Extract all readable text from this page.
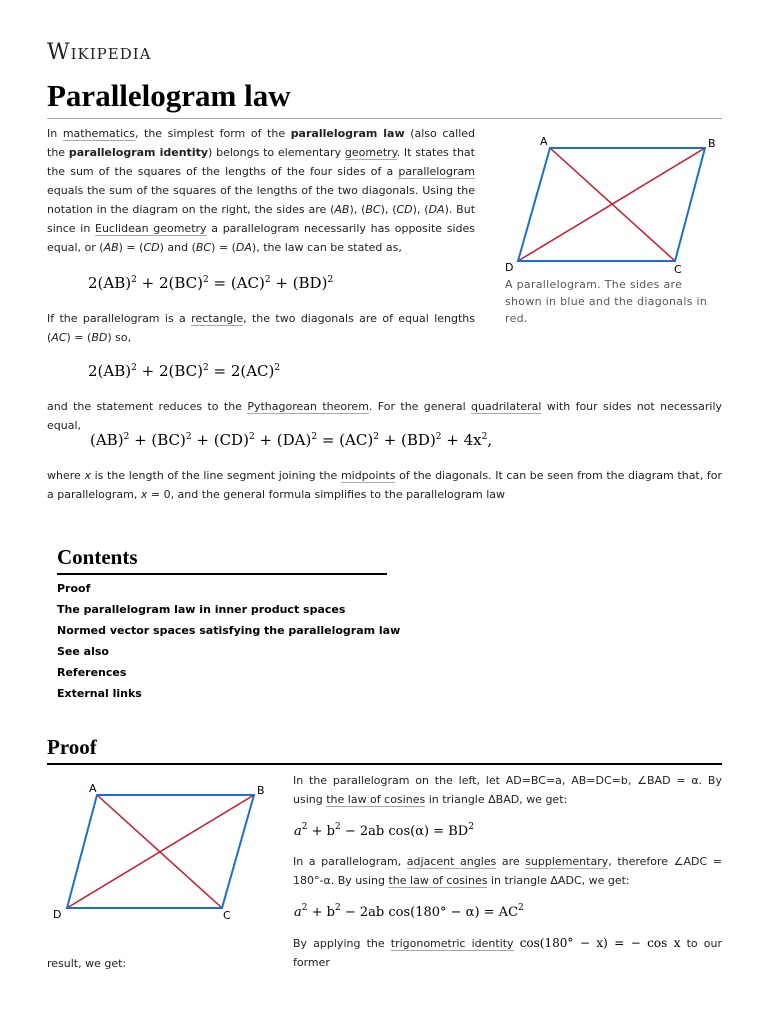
Wikipedia
Parallelogram law
In mathematics, the simplest form of the parallelogram law (also called the parallelogram identity) belongs to elementary geometry. It states that the sum of the squares of the lengths of the four sides of a parallelogram equals the sum of the squares of the lengths of the two diagonals. Using the notation in the diagram on the right, the sides are (AB), (BC), (CD), (DA). But since in Euclidean geometry a parallelogram necessarily has opposite sides equal, or (AB) = (CD) and (BC) = (DA), the law can be stated as,
2(AB)$^2$ + 2(BC)$^2$ = (AC)$^2$ + (BD)$^2$
If the parallelogram is a rectangle, the two diagonals are of equal lengths (AC) = (BD) so,
2(AB)$^2$ + 2(BC)$^2$ = 2(AC)$^2$
and the statement reduces to the Pythagorean theorem. For the general quadrilateral with four sides not necessarily equal,
$(AB)^2 + (BC)^2 + (CD)^2 + (DA)^2 = (AC)^2 + (BD)^2 + 4x^2$,
where x is the length of the line segment joining the midpoints of the diagonals. It can be seen from the diagram that, for a parallelogram, x = 0, and the general formula simplifies to the parallelogram law
A	B
D	C
A parallelogram. The sides are shown in blue and the diagonals in red.
Contents
Proof
The parallelogram law in inner product spaces
Normed vector spaces satisfying the parallelogram law
See also
References
External links
Proof
A	B
D	C
In the parallelogram on the left, let AD=BC=a, AB=DC=b, ∠BAD = α. By using the law of cosines in triangle ΔBAD, we get:
$a^2 + b^2 - 2ab$ $\cos(\alpha) = BD^2$
In a parallelogram, adjacent angles are supplementary, therefore ∠ADC = 180°-α. By using the law of cosines in triangle ΔADC, we get:
$a^2 + b^2 - 2ab$ $\cos(180^\circ - \alpha) = AC^2$
By applying the trigonometric identity cos(180° − x) = − cos x to our former
result, we get:
